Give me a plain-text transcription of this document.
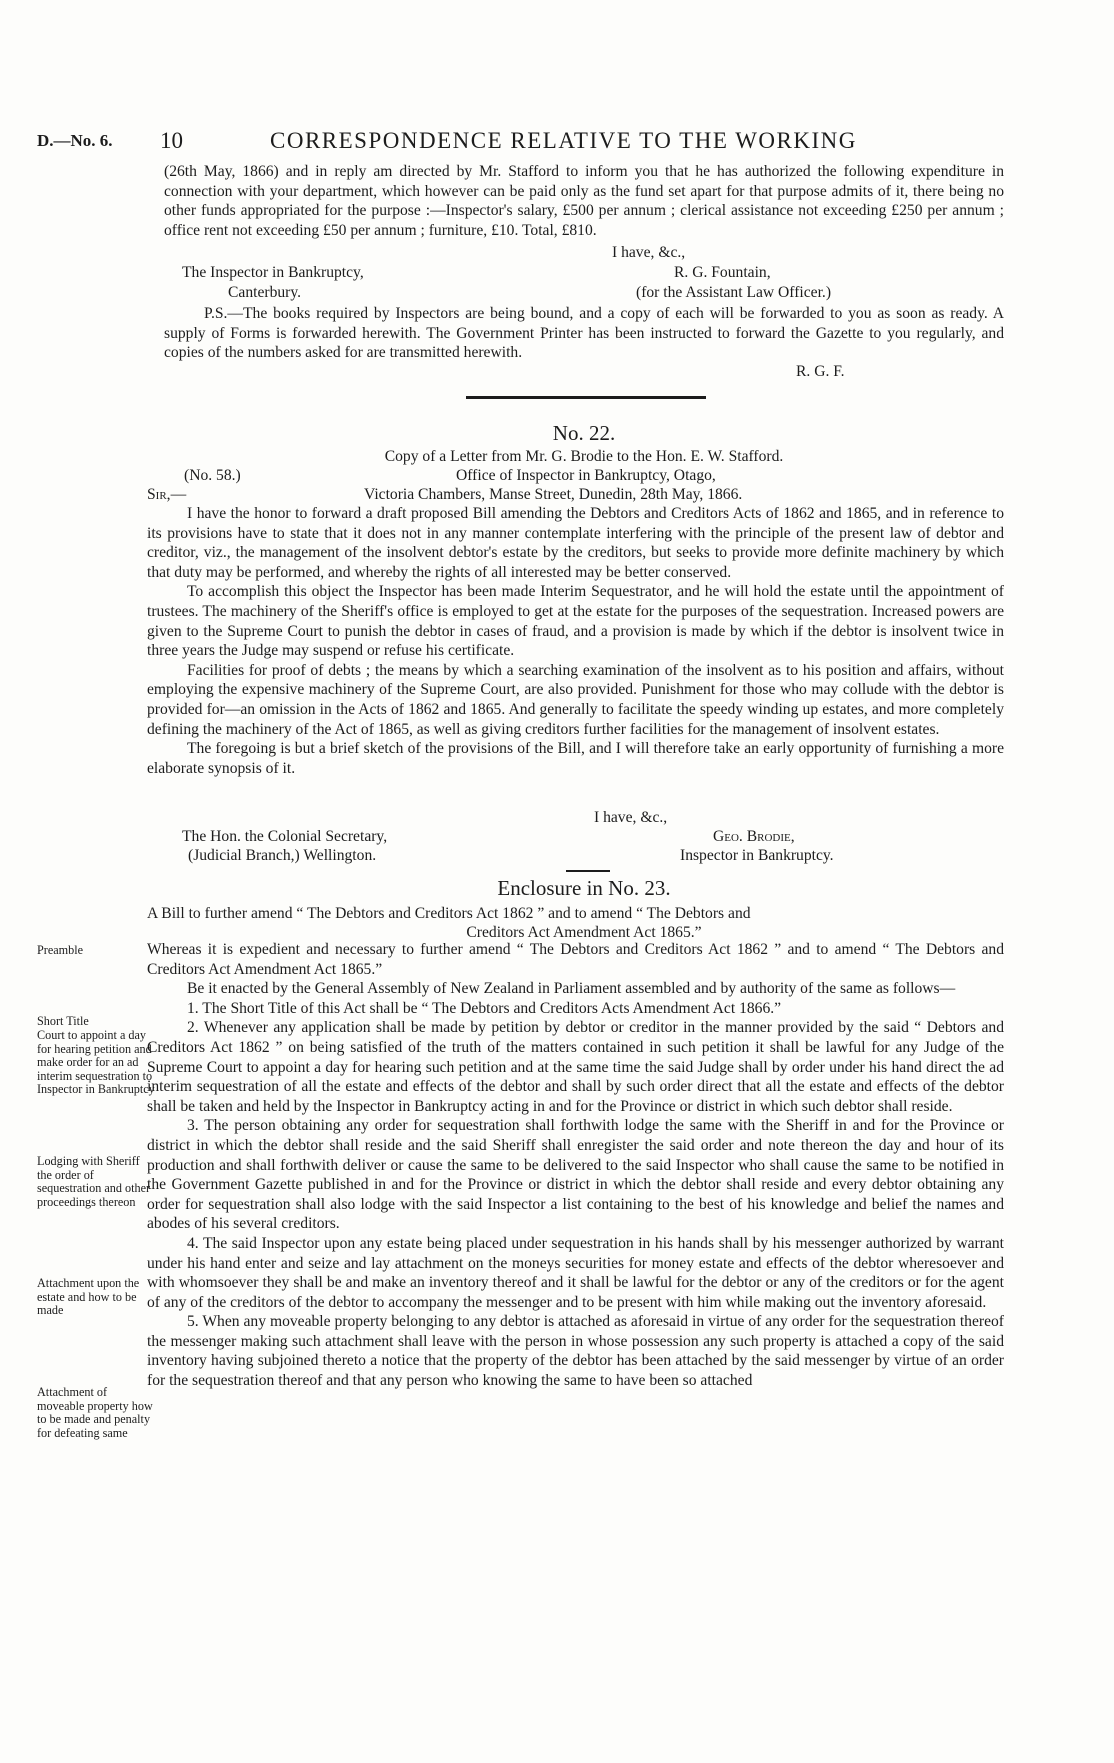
D.—No. 6. 10	CORRESPONDENCE RELATIVE TO THE WORKING

(26th May, 1866) and in reply am directed by Mr. Stafford to inform you that he has authorized the following expenditure in connection with your department, which however can be paid only as the fund set apart for that purpose admits of it, there being no other funds appropriated for the purpose :—Inspector's salary, £500 per annum ; clerical assistance not exceeding £250 per annum ; office rent not exceeding £50 per annum ; furniture, £10. Total, £810.

I have, &c.,
The Inspector in Bankruptcy,	R. G. Fountain,
Canterbury.	(for the Assistant Law Officer.)

P.S.—The books required by Inspectors are being bound, and a copy of each will be forwarded to you as soon as ready. A supply of Forms is forwarded herewith. The Government Printer has been instructed to forward the Gazette to you regularly, and copies of the numbers asked for are transmitted herewith.

R. G. F.
No. 22.
Copy of a Letter from Mr. G. Brodie to the Hon. E. W. Stafford.
(No. 58.)	Office of Inspector in Bankruptcy, Otago,
Sir,—	Victoria Chambers, Manse Street, Dunedin, 28th May, 1866.

I have the honor to forward a draft proposed Bill amending the Debtors and Creditors Acts of 1862 and 1865, and in reference to its provisions have to state that it does not in any manner contemplate interfering with the principle of the present law of debtor and creditor, viz., the management of the insolvent debtor's estate by the creditors, but seeks to provide more definite machinery by which that duty may be performed, and whereby the rights of all interested may be better conserved.

To accomplish this object the Inspector has been made Interim Sequestrator, and he will hold the estate until the appointment of trustees. The machinery of the Sheriff's office is employed to get at the estate for the purposes of the sequestration. Increased powers are given to the Supreme Court to punish the debtor in cases of fraud, and a provision is made by which if the debtor is insolvent twice in three years the Judge may suspend or refuse his certificate.

Facilities for proof of debts ; the means by which a searching examination of the insolvent as to his position and affairs, without employing the expensive machinery of the Supreme Court, are also provided. Punishment for those who may collude with the debtor is provided for—an omission in the Acts of 1862 and 1865. And generally to facilitate the speedy winding up estates, and more completely defining the machinery of the Act of 1865, as well as giving creditors further facilities for the management of insolvent estates.

The foregoing is but a brief sketch of the provisions of the Bill, and I will therefore take an early opportunity of furnishing a more elaborate synopsis of it.

I have, &c.,
The Hon. the Colonial Secretary,	Geo. Brodie,
(Judicial Branch,) Wellington.	Inspector in Bankruptcy.
Enclosure in No. 23.
A Bill to further amend “ The Debtors and Creditors Act 1862 ” and to amend “ The Debtors and
Creditors Act Amendment Act 1865.”

Whereas it is expedient and necessary to further amend “ The Debtors and Creditors Act 1862 ” and to amend “ The Debtors and Creditors Act Amendment Act 1865.”

Be it enacted by the General Assembly of New Zealand in Parliament assembled and by authority of the same as follows—

1. The Short Title of this Act shall be “ The Debtors and Creditors Acts Amendment Act 1866.”

2. Whenever any application shall be made by petition by debtor or creditor in the manner provided by the said “ Debtors and Creditors Act 1862 ” on being satisfied of the truth of the matters contained in such petition it shall be lawful for any Judge of the Supreme Court to appoint a day for hearing such petition and at the same time the said Judge shall by order under his hand direct the ad interim sequestration of all the estate and effects of the debtor and shall by such order direct that all the estate and effects of the debtor shall be taken and held by the Inspector in Bankruptcy acting in and for the Province or district in which such debtor shall reside.

3. The person obtaining any order for sequestration shall forthwith lodge the same with the Sheriff in and for the Province or district in which the debtor shall reside and the said Sheriff shall enregister the said order and note thereon the day and hour of its production and shall forthwith deliver or cause the same to be delivered to the said Inspector who shall cause the same to be notified in the Government Gazette published in and for the Province or district in which the debtor shall reside and every debtor obtaining any order for sequestration shall also lodge with the said Inspector a list containing to the best of his knowledge and belief the names and abodes of his several creditors.

4. The said Inspector upon any estate being placed under sequestration in his hands shall by his messenger authorized by warrant under his hand enter and seize and lay attachment on the moneys securities for money estate and effects of the debtor wheresoever and with whomsoever they shall be and make an inventory thereof and it shall be lawful for the debtor or any of the creditors or for the agent of any of the creditors of the debtor to accompany the messenger and to be present with him while making out the inventory aforesaid.

5. When any moveable property belonging to any debtor is attached as aforesaid in virtue of any order for the sequestration thereof the messenger making such attachment shall leave with the person in whose possession any such property is attached a copy of the said inventory having subjoined thereto a notice that the property of the debtor has been attached by the said messenger by virtue of an order for the sequestration thereof and that any person who knowing the same to have been so attached

Preamble
Short Title
Court to appoint a day for hearing petition and make order for an ad interim sequestration to Inspector in Bankruptcy
Lodging with Sheriff the order of sequestration and other proceedings thereon
Attachment upon the estate and how to be made
Attachment of moveable property how to be made and penalty for defeating same
